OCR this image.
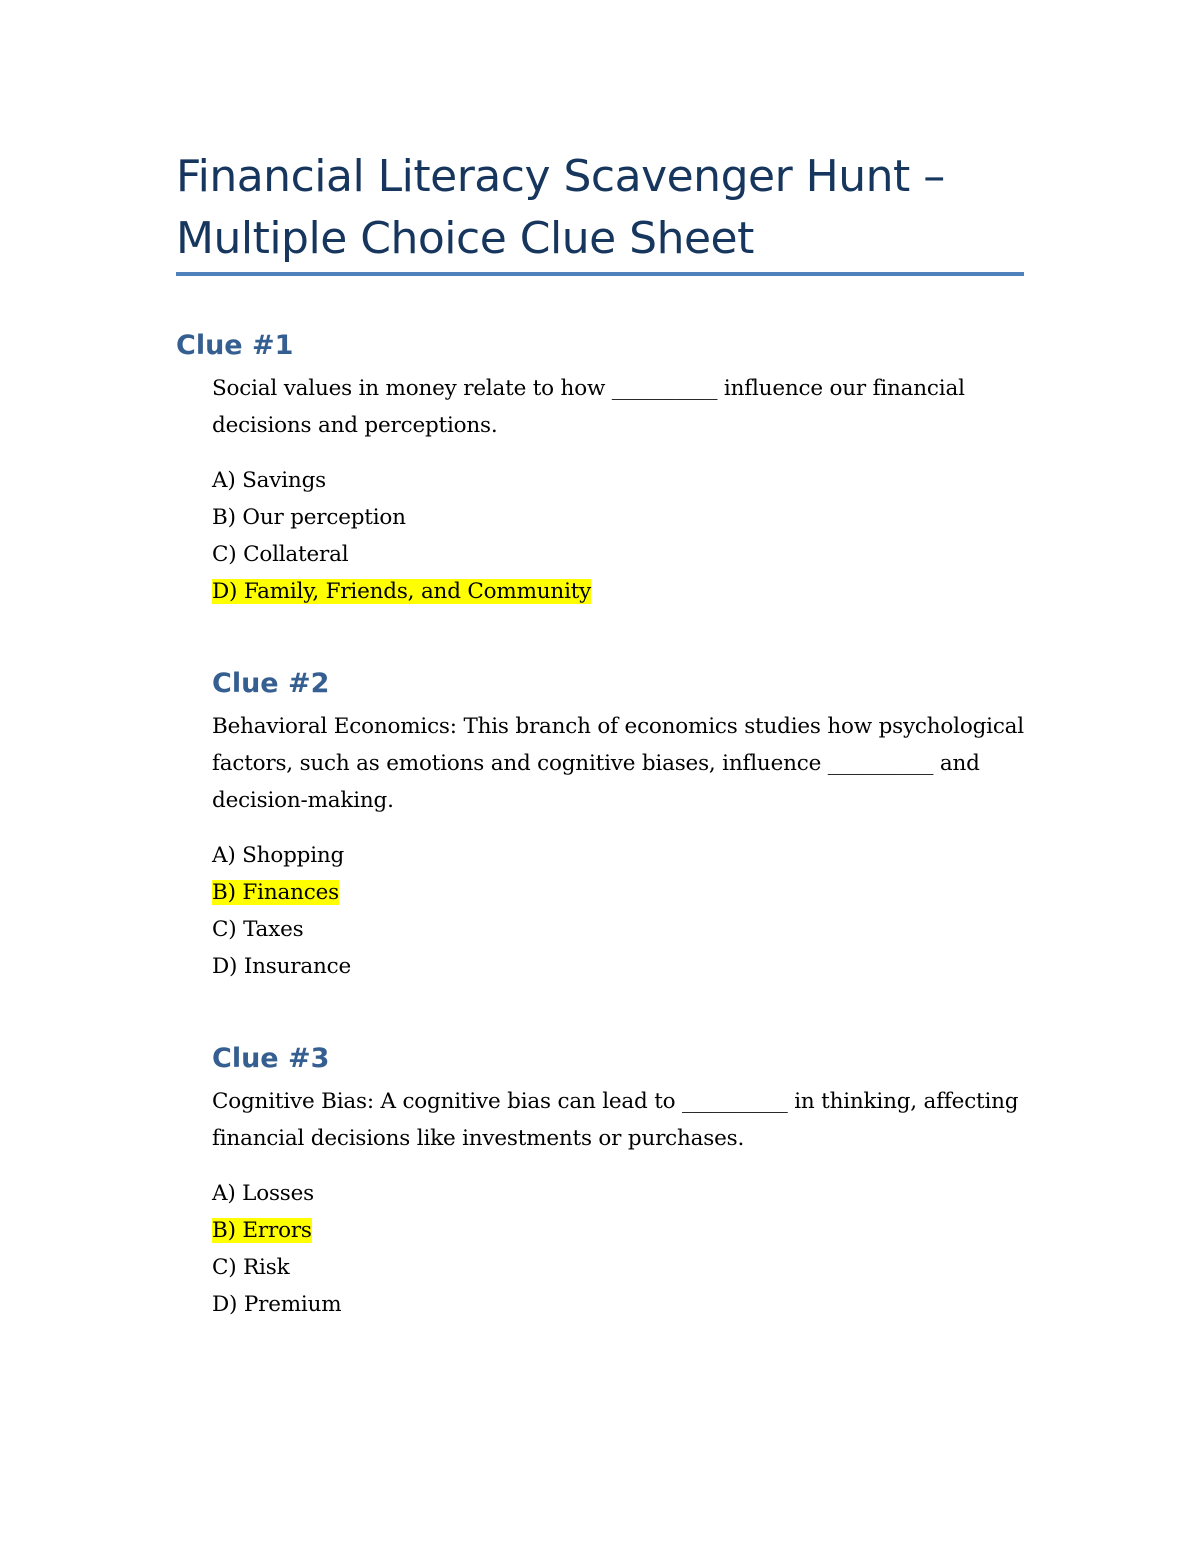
Financial Literacy Scavenger Hunt – Multiple Choice Clue Sheet
Clue #1

Social values in money relate to how __________ influence our financial decisions and perceptions.

A) Savings
B) Our perception
C) Collateral
D) Family, Friends, and Community
Clue #2

Behavioral Economics: This branch of economics studies how psychological factors, such as emotions and cognitive biases, influence __________ and decision-making.

A) Shopping
B) Finances
C) Taxes
D) Insurance
Clue #3

Cognitive Bias: A cognitive bias can lead to __________ in thinking, affecting financial decisions like investments or purchases.

A) Losses
B) Errors
C) Risk
D) Premium
